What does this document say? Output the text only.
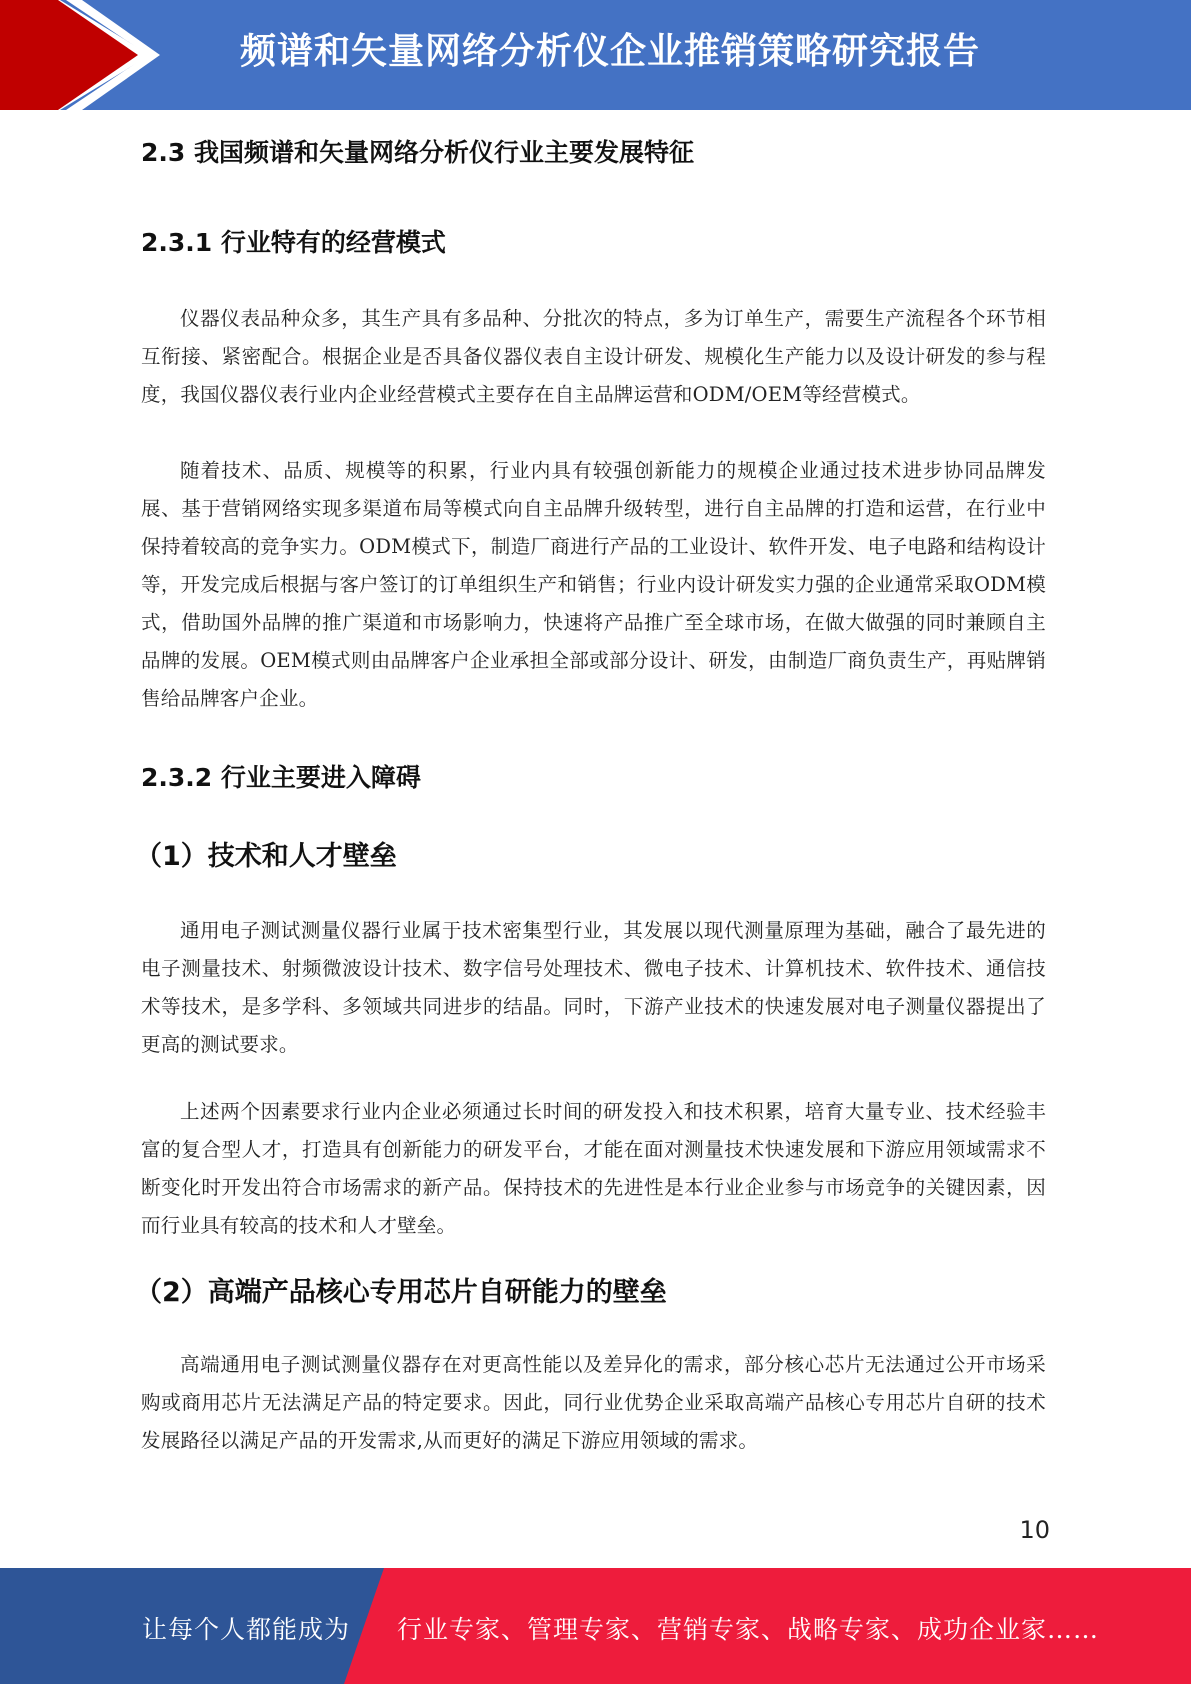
频谱和矢量网络分析仪企业推销策略研究报告
2.3 我国频谱和矢量网络分析仪行业主要发展特征
2.3.1 行业特有的经营模式
仪器仪表品种众多，其生产具有多品种、分批次的特点，多为订单生产，需要生产流程各个环节相互衔接、紧密配合。根据企业是否具备仪器仪表自主设计研发、规模化生产能力以及设计研发的参与程度，我国仪器仪表行业内企业经营模式主要存在自主品牌运营和ODM/OEM等经营模式。
随着技术、品质、规模等的积累，行业内具有较强创新能力的规模企业通过技术进步协同品牌发展、基于营销网络实现多渠道布局等模式向自主品牌升级转型，进行自主品牌的打造和运营，在行业中保持着较高的竞争实力。ODM模式下，制造厂商进行产品的工业设计、软件开发、电子电路和结构设计等，开发完成后根据与客户签订的订单组织生产和销售；行业内设计研发实力强的企业通常采取ODM模式，借助国外品牌的推广渠道和市场影响力，快速将产品推广至全球市场，在做大做强的同时兼顾自主品牌的发展。OEM模式则由品牌客户企业承担全部或部分设计、研发，由制造厂商负责生产，再贴牌销售给品牌客户企业。
2.3.2 行业主要进入障碍
（1）技术和人才壁垒
通用电子测试测量仪器行业属于技术密集型行业，其发展以现代测量原理为基础，融合了最先进的电子测量技术、射频微波设计技术、数字信号处理技术、微电子技术、计算机技术、软件技术、通信技术等技术，是多学科、多领域共同进步的结晶。同时，下游产业技术的快速发展对电子测量仪器提出了更高的测试要求。
上述两个因素要求行业内企业必须通过长时间的研发投入和技术积累，培育大量专业、技术经验丰富的复合型人才，打造具有创新能力的研发平台，才能在面对测量技术快速发展和下游应用领域需求不断变化时开发出符合市场需求的新产品。保持技术的先进性是本行业企业参与市场竞争的关键因素，因而行业具有较高的技术和人才壁垒。
（2）高端产品核心专用芯片自研能力的壁垒
高端通用电子测试测量仪器存在对更高性能以及差异化的需求，部分核心芯片无法通过公开市场采购或商用芯片无法满足产品的特定要求。因此，同行业优势企业采取高端产品核心专用芯片自研的技术发展路径以满足产品的开发需求,从而更好的满足下游应用领域的需求。
10
让每个人都能成为 行业专家、管理专家、营销专家、战略专家、成功企业家……
